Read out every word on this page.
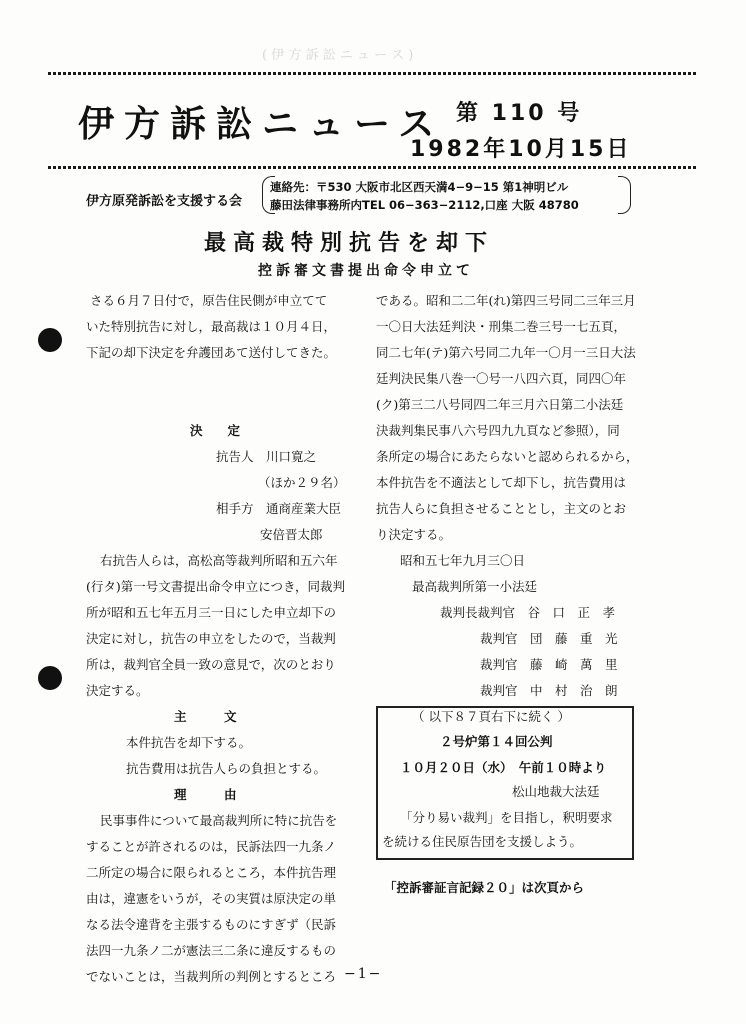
( 伊 方 訴 訟 ニ ュ ー ス )
伊方訴訟ニュース 第 110 号
1982年10月15日
伊方原発訴訟を支援する会
連絡先：〒530 大阪市北区西天満4−9−15 第1神明ビル
藤田法律事務所内TEL 06−363−2112,口座 大阪 48780
最高裁特別抗告を却下
控訴審文書提出命令申立て
さる６月７日付で，原告住民側が申立てて
いた特別抗告に対し，最高裁は１０月４日，
下記の却下決定を弁護団あて送付してきた。
決　　定
抗告人　川口寛之
（ほか２９名）
相手方　通商産業大臣
安倍晋太郎
右抗告人らは，高松高等裁判所昭和五六年
(行タ)第一号文書提出命令申立につき，同裁判
所が昭和五七年五月三一日にした申立却下の
決定に対し，抗告の申立をしたので，当裁判
所は，裁判官全員一致の意見で，次のとおり
決定する。
主　　　文
本件抗告を却下する。
抗告費用は抗告人らの負担とする。
理　　　由
民事事件について最高裁判所に特に抗告を
することが許されるのは，民訴法四一九条ノ
二所定の場合に限られるところ，本件抗告理
由は，違憲をいうが，その実質は原決定の単
なる法令違背を主張するものにすぎず（民訴
法四一九条ノ二が憲法三二条に違反するもの
でないことは，当裁判所の判例とするところ
である。昭和二二年(れ)第四三号同二三年三月
一〇日大法廷判決・刑集二巻三号一七五頁，
同二七年(テ)第六号同二九年一〇月一三日大法
廷判決民集八巻一〇号一八四六頁，同四〇年
(ク)第三二八号同四二年三月六日第二小法廷
決裁判集民事八六号四九九頁など参照），同
条所定の場合にあたらないと認められるから，
本件抗告を不適法として却下し，抗告費用は
抗告人らに負担させることとし，主文のとお
り決定する。
昭和五七年九月三〇日
最高裁判所第一小法廷
裁判長裁判官　谷　口　正　孝
裁判官　団　藤　重　光
裁判官　藤　崎　萬　里
裁判官　中　村　治　朗
（ 以下８７頁右下に続く ）
２号炉第１４回公判
１０月２０日（水）　午前１０時より
松山地裁大法廷
「分り易い裁判」を目指し，釈明要求
を続ける住民原告団を支援しよう。
「控訴審証言記録２０」は次頁から
−1−
